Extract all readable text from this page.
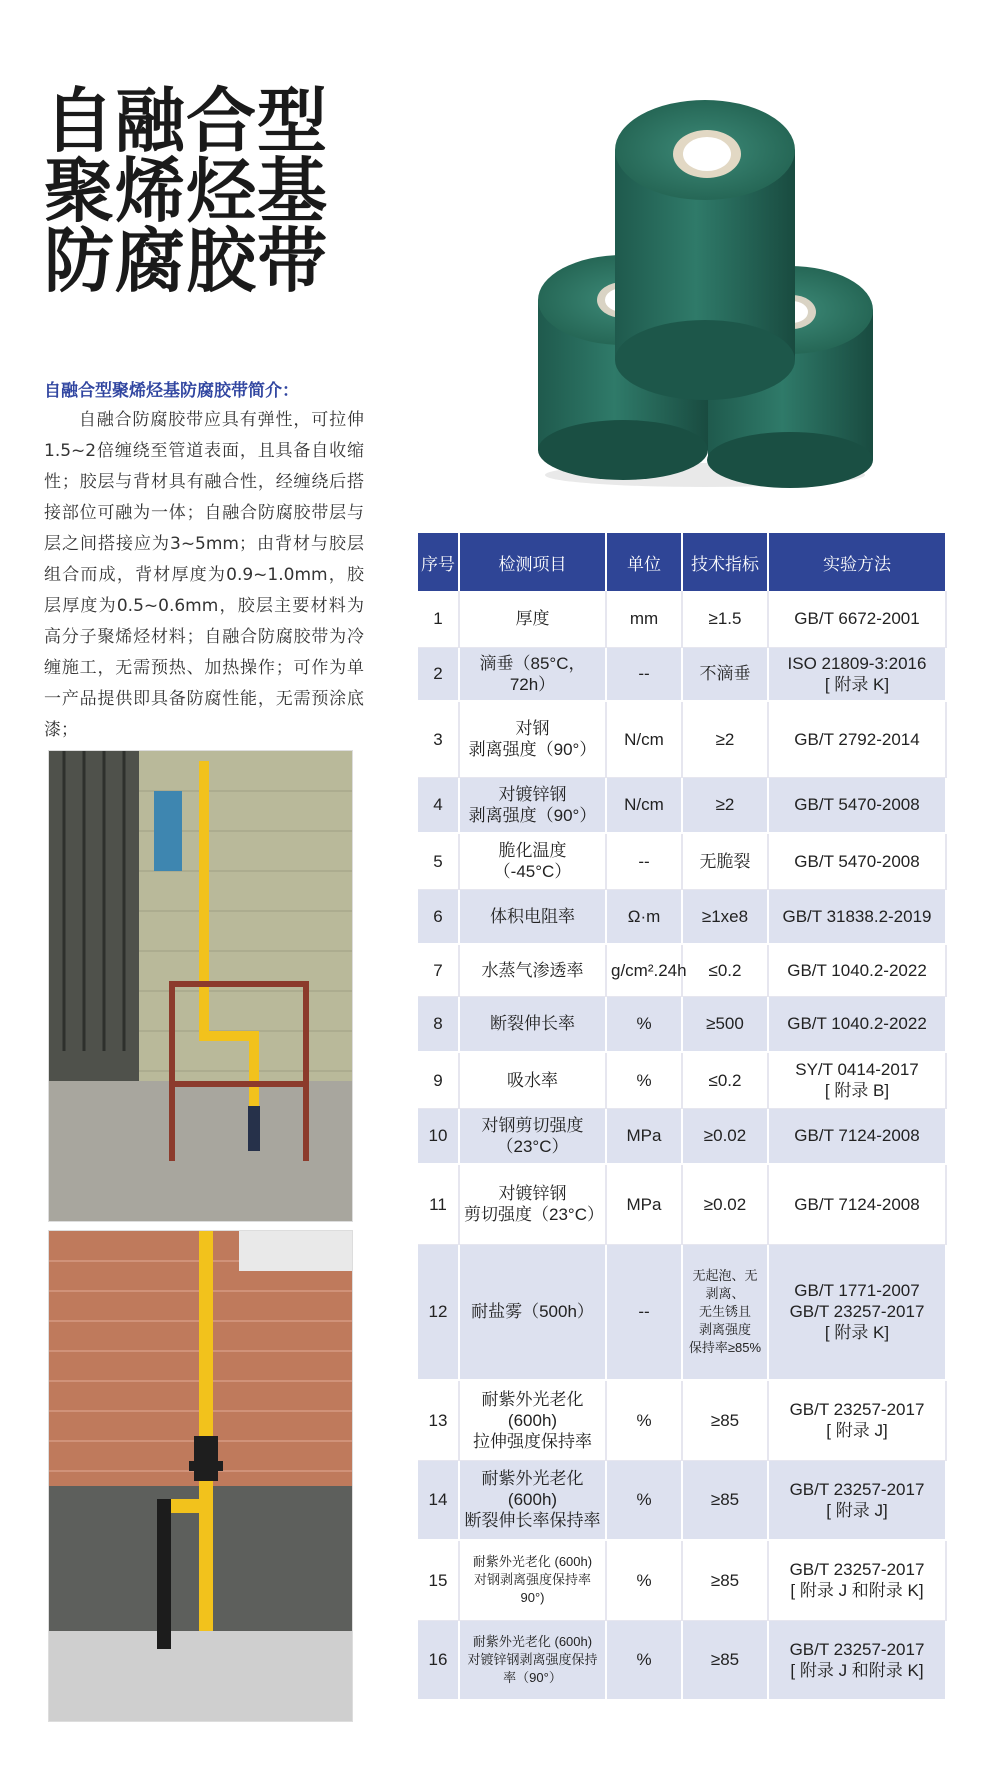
自融合型
聚烯烃基
防腐胶带
自融合型聚烯烃基防腐胶带简介：
自融合防腐胶带应具有弹性，可拉伸1.5~2倍缠绕至管道表面，且具备自收缩性；胶层与背材具有融合性，经缠绕后搭接部位可融为一体；自融合防腐胶带层与层之间搭接应为3~5mm；由背材与胶层组合而成，背材厚度为0.9~1.0mm，胶层厚度为0.5~0.6mm，胶层主要材料为高分子聚烯烃材料；自融合防腐胶带为冷缠施工，无需预热、加热操作；可作为单一产品提供即具备防腐性能，无需预涂底漆；
序号	检测项目	单位	技术指标	实验方法
1	厚度	mm	≥1.5	GB/T 6672-2001
2	滴垂（85°C，72h）	--	不滴垂	ISO 21809-3:2016
[ 附录 K]
3	对钢
剥离强度（90°）	N/cm	≥2	GB/T 2792-2014
4	对镀锌钢
剥离强度（90°）	N/cm	≥2	GB/T 5470-2008
5	脆化温度（-45°C）	--	无脆裂	GB/T 5470-2008
6	体积电阻率	Ω·m	≥1xe8	GB/T 31838.2-2019
7	水蒸气渗透率	g/cm².24h	≤0.2	GB/T 1040.2-2022
8	断裂伸长率	%	≥500	GB/T 1040.2-2022
9	吸水率	%	≤0.2	SY/T 0414-2017
[ 附录 B]
10	对钢剪切强度（23°C）	MPa	≥0.02	GB/T 7124-2008
11	对镀锌钢
剪切强度（23°C）	MPa	≥0.02	GB/T 7124-2008
12	耐盐雾（500h）	--	无起泡、无剥离、
无生锈且
剥离强度
保持率≥85%	GB/T 1771-2007
GB/T 23257-2017
[ 附录 K]
13	耐紫外光老化 (600h)
拉伸强度保持率	%	≥85	GB/T 23257-2017
[ 附录 J]
14	耐紫外光老化 (600h)
断裂伸长率保持率	%	≥85	GB/T 23257-2017
[ 附录 J]
15	耐紫外光老化 (600h)
对钢剥离强度保持率 90°)	%	≥85	GB/T 23257-2017
[ 附录 J 和附录 K]
16	耐紫外光老化 (600h)
对镀锌钢剥离强度保持率（90°）	%	≥85	GB/T 23257-2017
[ 附录 J 和附录 K]
